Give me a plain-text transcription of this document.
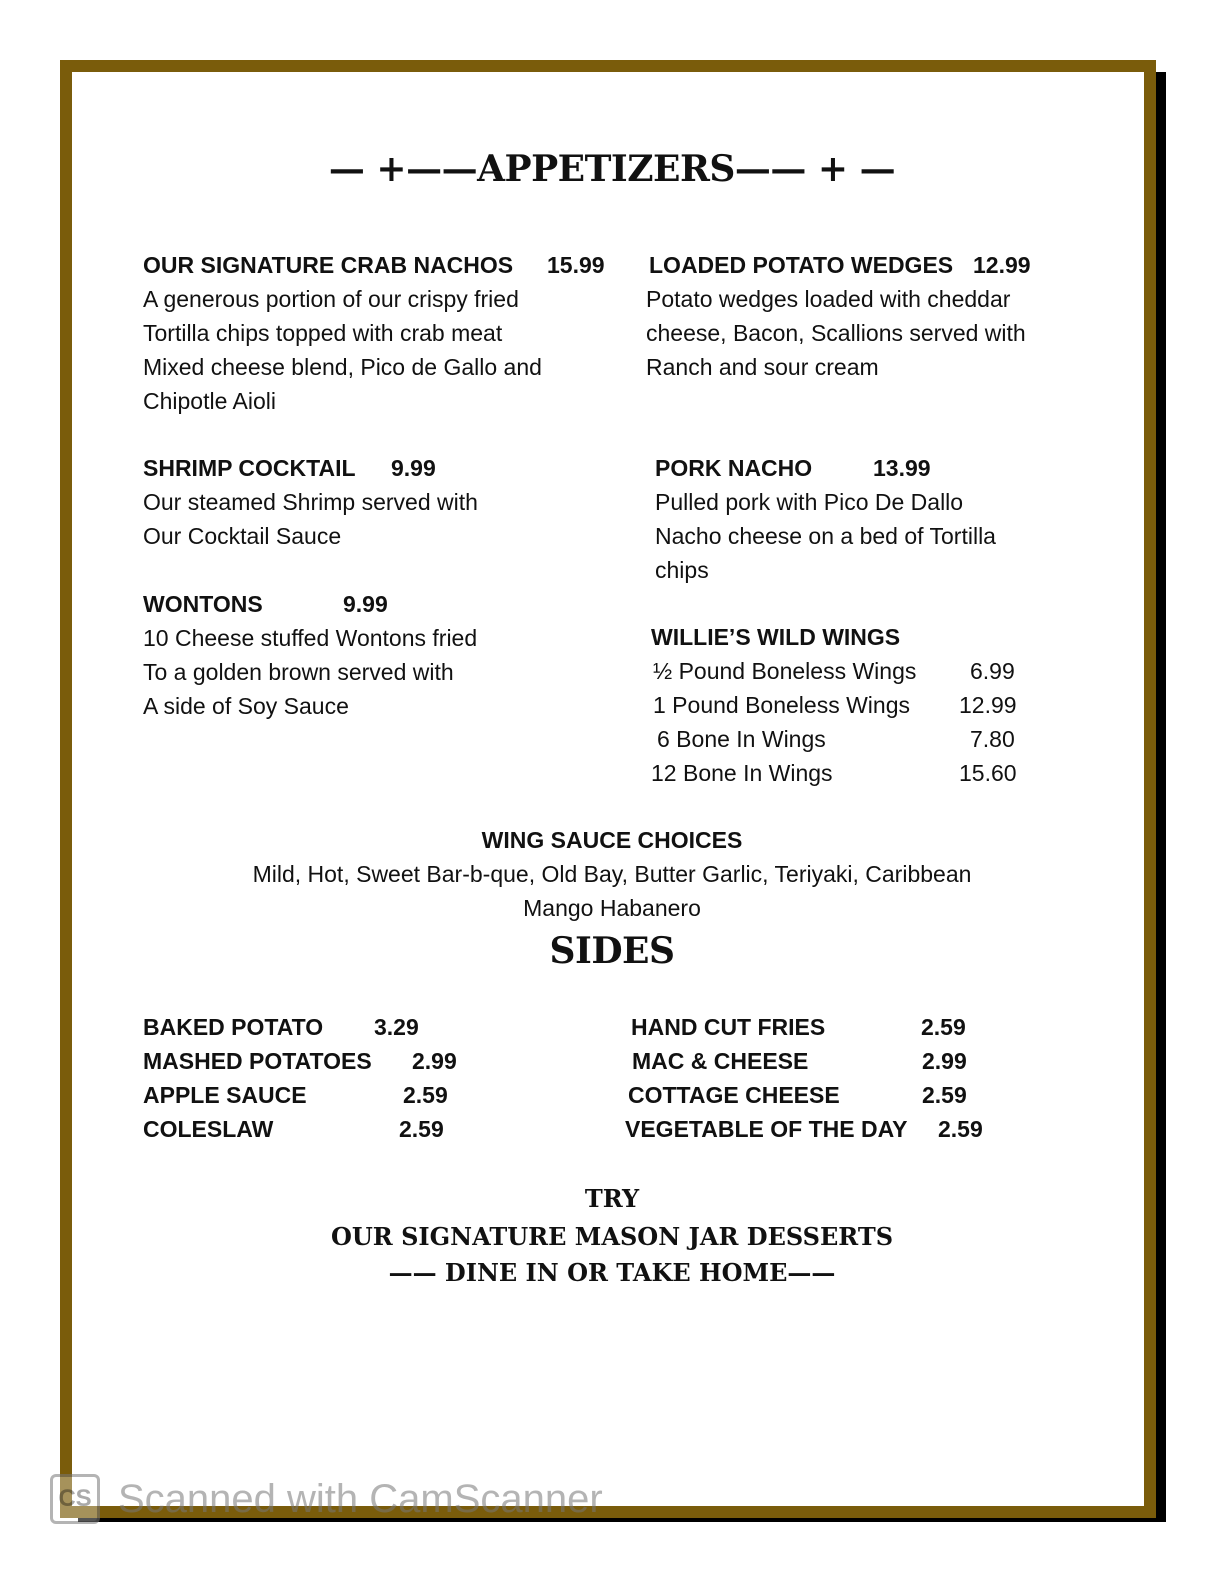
— +——APPETIZERS—— + —
OUR SIGNATURE CRAB NACHOS 15.99
A generous portion of our crispy fried
Tortilla chips topped with crab meat
Mixed cheese blend, Pico de Gallo and
Chipotle Aioli
LOADED POTATO WEDGES 12.99
Potato wedges loaded with cheddar
cheese, Bacon, Scallions served with
Ranch and sour cream
SHRIMP COCKTAIL 9.99
Our steamed Shrimp served with
Our Cocktail Sauce
PORK NACHO	13.99
Pulled pork with Pico De Dallo
Nacho cheese on a bed of Tortilla
chips
WONTONS	9.99
10 Cheese stuffed Wontons fried
To a golden brown served with
A side of Soy Sauce
WILLIE’S WILD WINGS
½ Pound Boneless Wings 6.99
1 Pound Boneless Wings 12.99
6 Bone In Wings	7.80
12 Bone In Wings	15.60
WING SAUCE CHOICES
Mild, Hot, Sweet Bar-b-que, Old Bay, Butter Garlic, Teriyaki, Caribbean
Mango Habanero
SIDES
BAKED POTATO 3.29
MASHED POTATOES 2.99
APPLE SAUCE	2.59
COLESLAW	2.59
HAND CUT FRIES	2.59
MAC & CHEESE	2.99
COTTAGE CHEESE	2.59
VEGETABLE OF THE DAY 2.59
TRY
OUR SIGNATURE MASON JAR DESSERTS
—— DINE IN OR TAKE HOME——
CS Scanned with CamScanner
